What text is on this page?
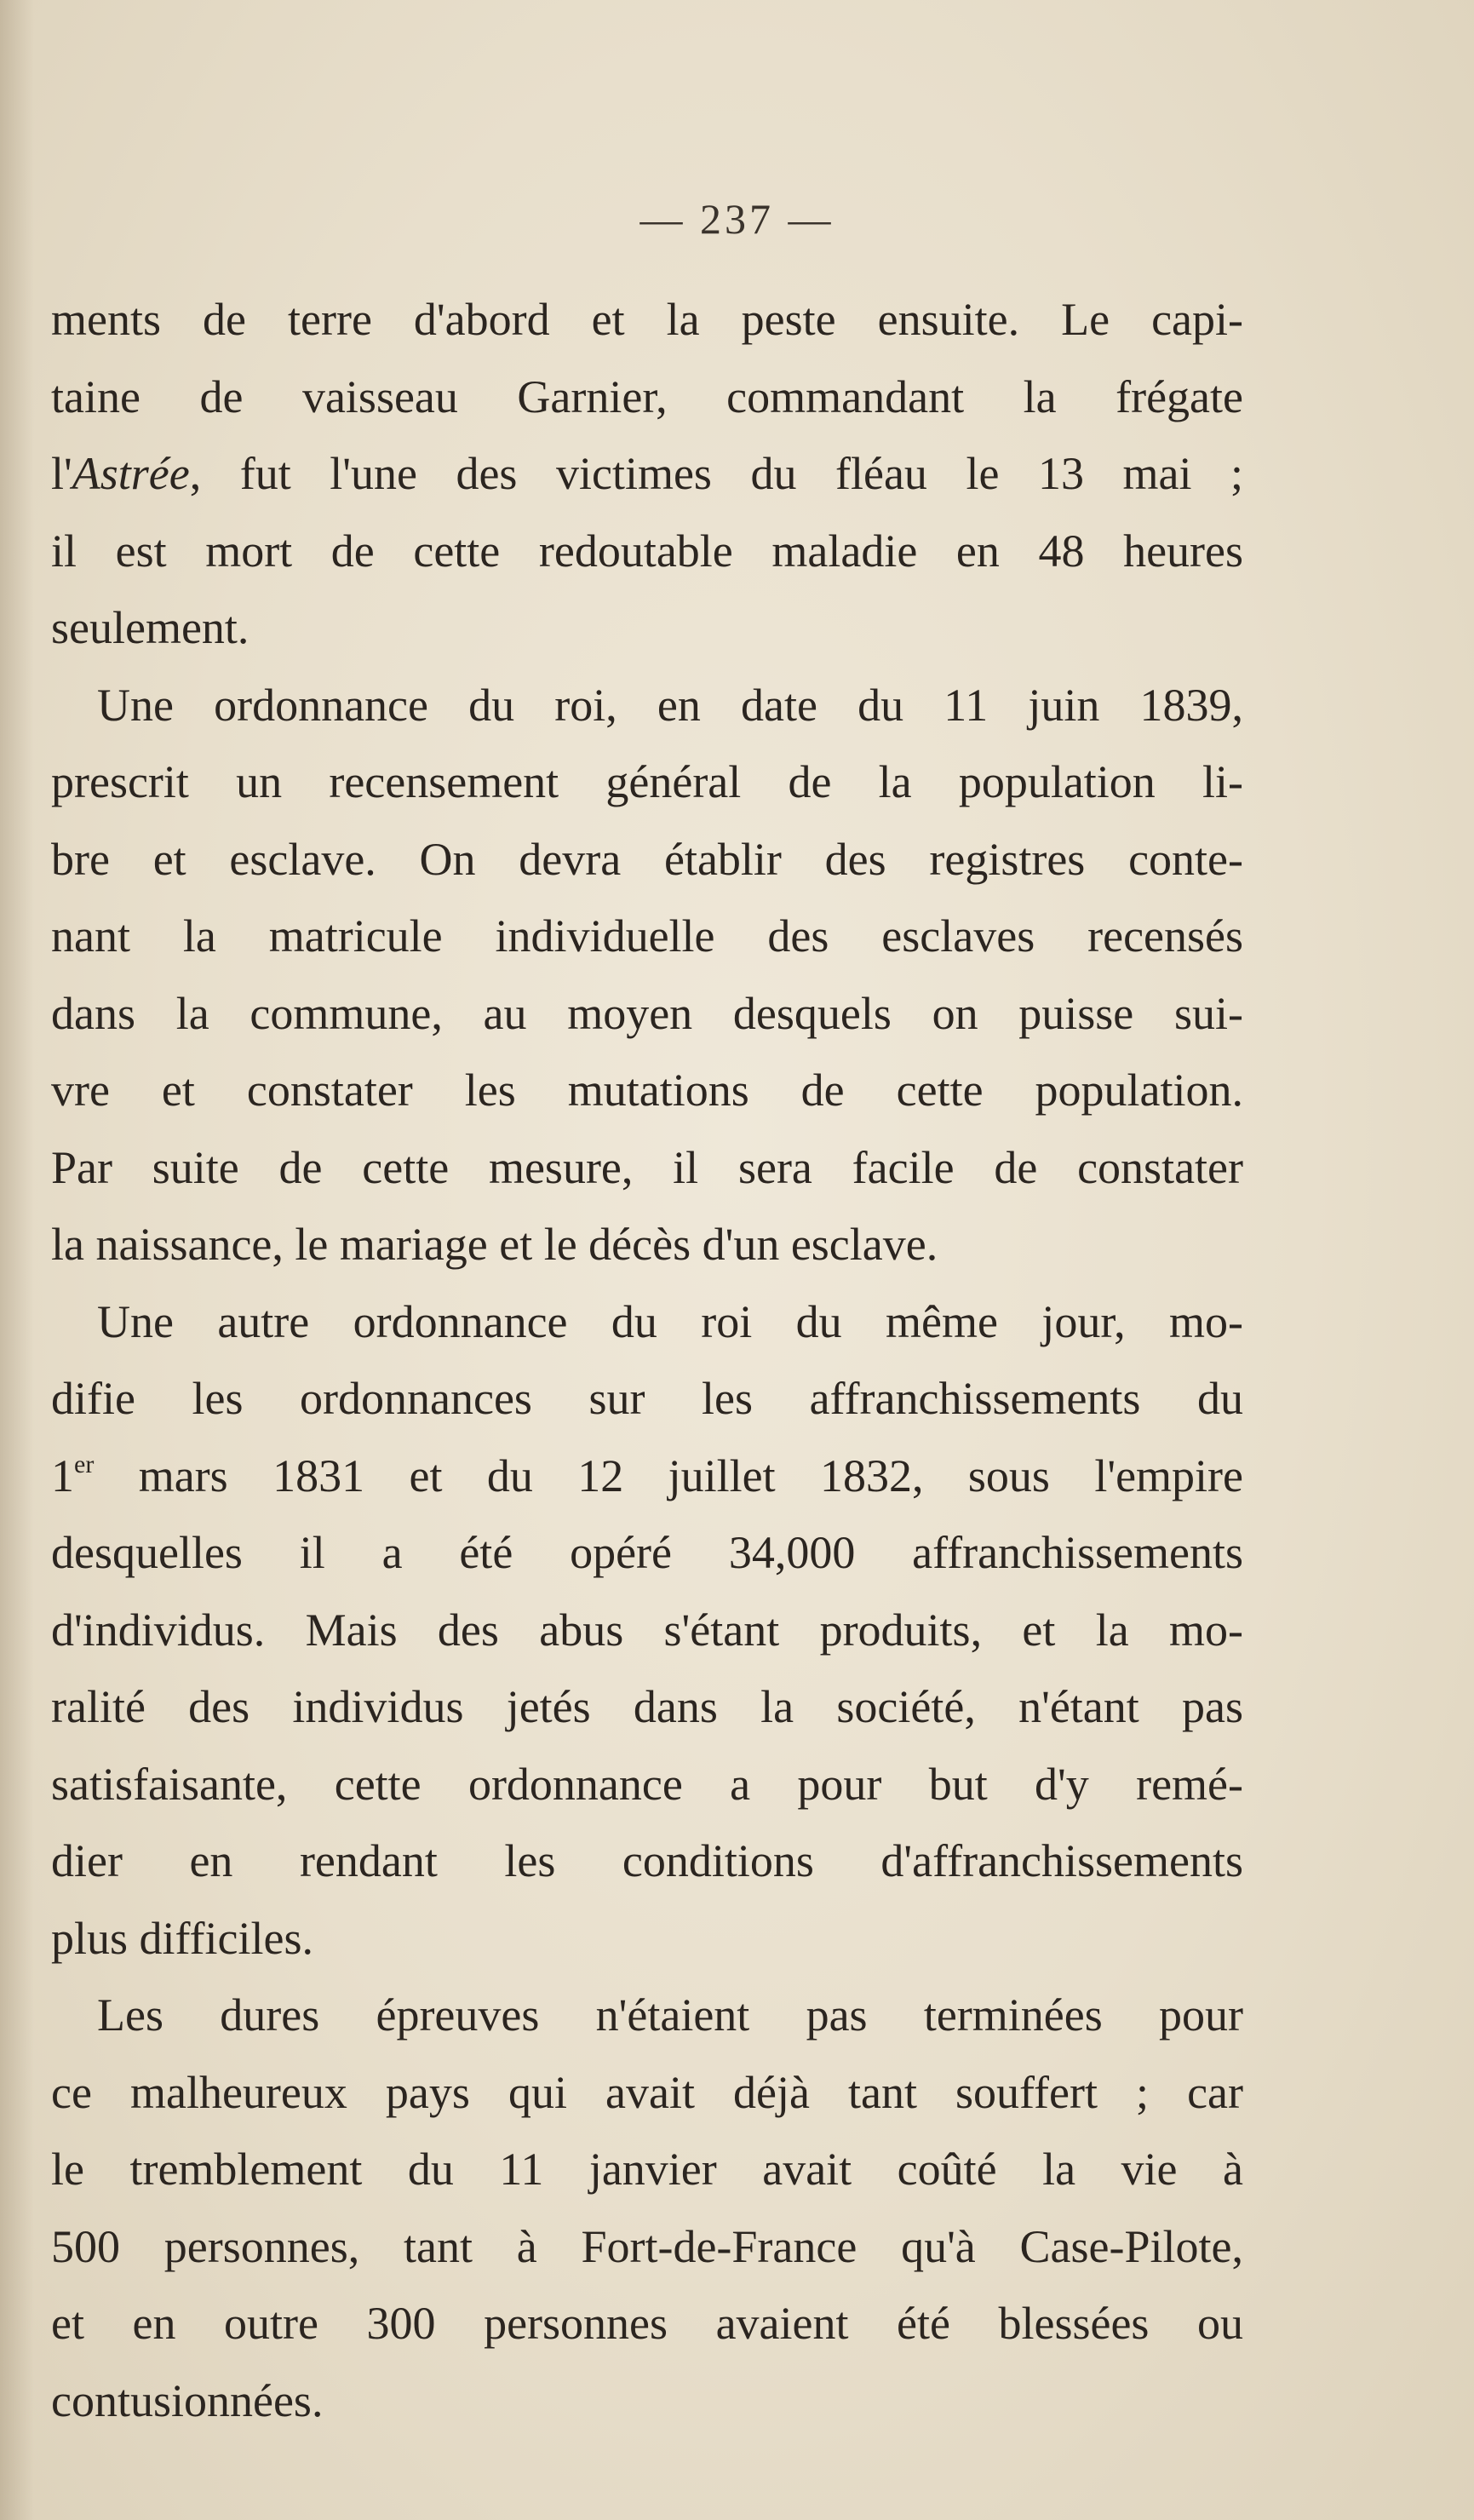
— 237 —
ments de terre d'abord et la peste ensuite. Le capi-
taine de vaisseau Garnier, commandant la frégate
l'Astrée, fut l'une des victimes du fléau le 13 mai ;
il est mort de cette redoutable maladie en 48 heures
seulement.
Une ordonnance du roi, en date du 11 juin 1839,
prescrit un recensement général de la population li-
bre et esclave. On devra établir des registres conte-
nant la matricule individuelle des esclaves recensés
dans la commune, au moyen desquels on puisse sui-
vre et constater les mutations de cette population.
Par suite de cette mesure, il sera facile de constater
la naissance, le mariage et le décès d'un esclave.
Une autre ordonnance du roi du même jour, mo-
difie les ordonnances sur les affranchissements du
1er mars 1831 et du 12 juillet 1832, sous l'empire
desquelles il a été opéré 34,000 affranchissements
d'individus. Mais des abus s'étant produits, et la mo-
ralité des individus jetés dans la société, n'étant pas
satisfaisante, cette ordonnance a pour but d'y remé-
dier en rendant les conditions d'affranchissements
plus difficiles.
Les dures épreuves n'étaient pas terminées pour
ce malheureux pays qui avait déjà tant souffert ; car
le tremblement du 11 janvier avait coûté la vie à
500 personnes, tant à Fort-de-France qu'à Case-Pilote,
et en outre 300 personnes avaient été blessées ou
contusionnées.
